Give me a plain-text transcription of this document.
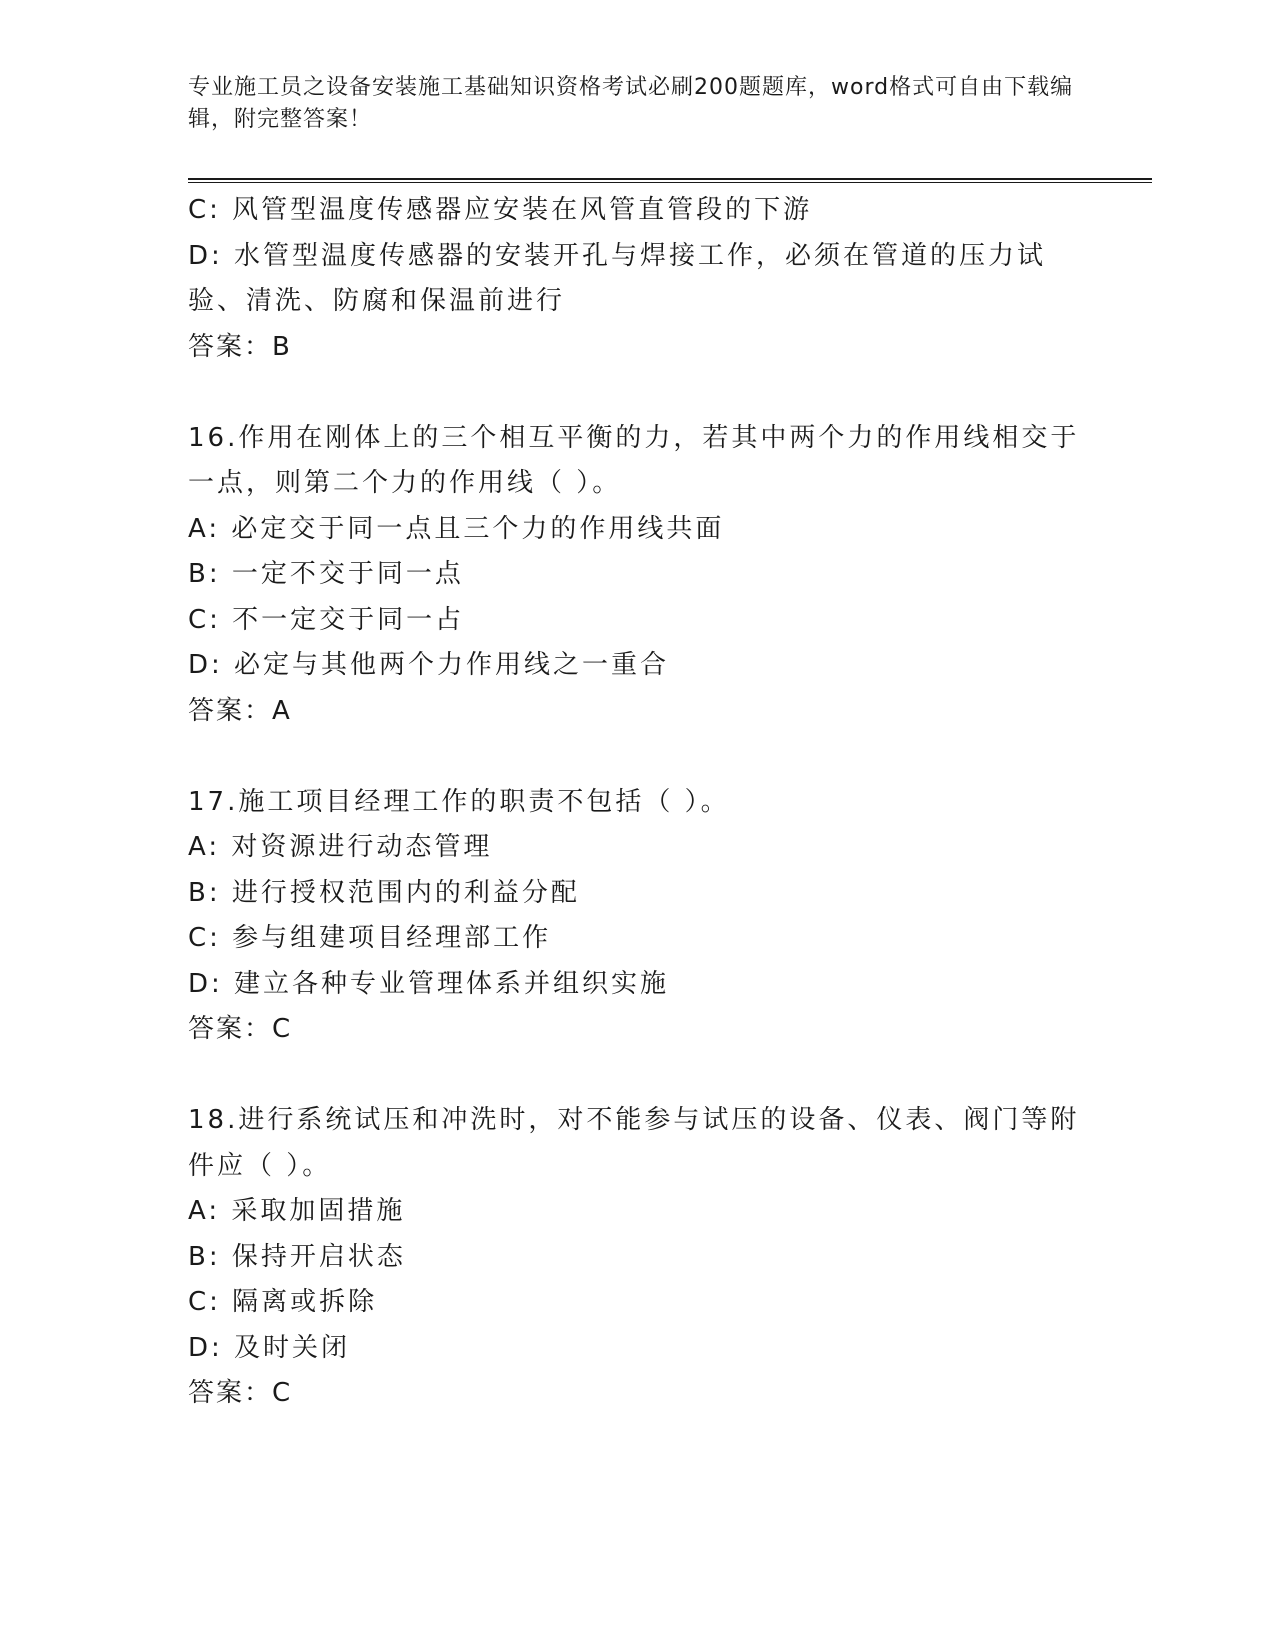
专业施工员之设备安装施工基础知识资格考试必刷200题题库，word格式可自由下载编辑，附完整答案！

C: 风管型温度传感器应安装在风管直管段的下游

D: 水管型温度传感器的安装开孔与焊接工作，必须在管道的压力试验、清洗、防腐和保温前进行

答案：B

16.作用在刚体上的三个相互平衡的力，若其中两个力的作用线相交于一点，则第二个力的作用线（ ）。

A: 必定交于同一点且三个力的作用线共面

B: 一定不交于同一点

C: 不一定交于同一占

D: 必定与其他两个力作用线之一重合

答案：A

17.施工项目经理工作的职责不包括（ ）。

A: 对资源进行动态管理

B: 进行授权范围内的利益分配

C: 参与组建项目经理部工作

D: 建立各种专业管理体系并组织实施

答案：C

18.进行系统试压和冲洗时，对不能参与试压的设备、仪表、阀门等附件应（ ）。

A: 采取加固措施

B: 保持开启状态

C: 隔离或拆除

D: 及时关闭

答案：C
